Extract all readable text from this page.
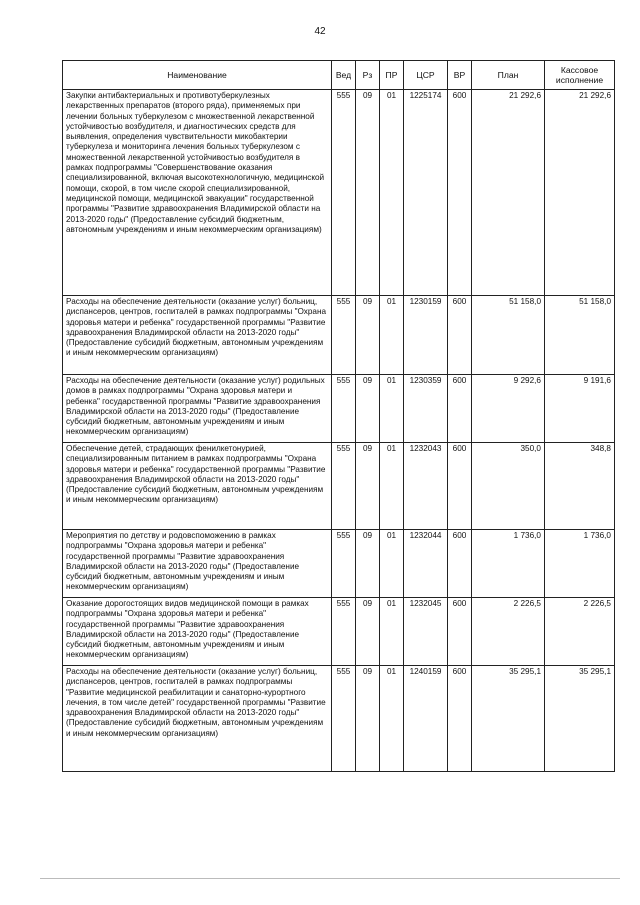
42
Наименование	Вед	Рз	ПР	ЦСР	ВР	План	Кассовое исполнение
Закупки антибактериальных и противотуберкулезных лекарственных препаратов (второго ряда), применяемых при лечении больных туберкулезом с множественной лекарственной устойчивостью возбудителя, и диагностических средств для выявления, определения чувствительности микобактерии туберкулеза и мониторинга лечения больных туберкулезом с множественной лекарственной устойчивостью возбудителя в рамках подпрограммы "Совершенствование оказания специализированной, включая высокотехнологичную, медицинской помощи, скорой, в том числе скорой специализированной, медицинской помощи, медицинской эвакуации" государственной программы "Развитие здравоохранения Владимирской области на 2013-2020 годы" (Предоставление субсидий бюджетным, автономным учреждениям и иным некоммерческим организациям)	555	09	01	1225174	600	21 292,6	21 292,6
Расходы на обеспечение деятельности (оказание услуг) больниц, диспансеров, центров, госпиталей в рамках подпрограммы "Охрана здоровья матери и ребенка" государственной программы "Развитие здравоохранения Владимирской области на 2013-2020 годы" (Предоставление субсидий бюджетным, автономным учреждениям и иным некоммерческим организациям)	555	09	01	1230159	600	51 158,0	51 158,0
Расходы на обеспечение деятельности (оказание услуг) родильных домов в рамках подпрограммы "Охрана здоровья матери и ребенка" государственной программы "Развитие здравоохранения Владимирской области на 2013-2020 годы" (Предоставление субсидий бюджетным, автономным учреждениям и иным некоммерческим организациям)	555	09	01	1230359	600	9 292,6	9 191,6
Обеспечение детей, страдающих фенилкетонурией, специализированным питанием в рамках подпрограммы "Охрана здоровья матери и ребенка" государственной программы "Развитие здравоохранения Владимирской области на 2013-2020 годы" (Предоставление субсидий бюджетным, автономным учреждениям и иным некоммерческим организациям)	555	09	01	1232043	600	350,0	348,8
Мероприятия по детству и родовспоможению в рамках подпрограммы "Охрана здоровья матери и ребенка" государственной программы "Развитие здравоохранения Владимирской области на 2013-2020 годы" (Предоставление субсидий бюджетным, автономным учреждениям и иным некоммерческим организациям)	555	09	01	1232044	600	1 736,0	1 736,0
Оказание дорогостоящих видов медицинской помощи в рамках подпрограммы "Охрана здоровья матери и ребенка" государственной программы "Развитие здравоохранения Владимирской области на 2013-2020 годы" (Предоставление субсидий бюджетным, автономным учреждениям и иным некоммерческим организациям)	555	09	01	1232045	600	2 226,5	2 226,5
Расходы на обеспечение деятельности (оказание услуг) больниц, диспансеров, центров, госпиталей в рамках подпрограммы "Развитие медицинской реабилитации и санаторно-курортного лечения, в том числе детей" государственной программы "Развитие здравоохранения Владимирской области на 2013-2020 годы" (Предоставление субсидий бюджетным, автономным учреждениям и иным некоммерческим организациям)	555	09	01	1240159	600	35 295,1	35 295,1
